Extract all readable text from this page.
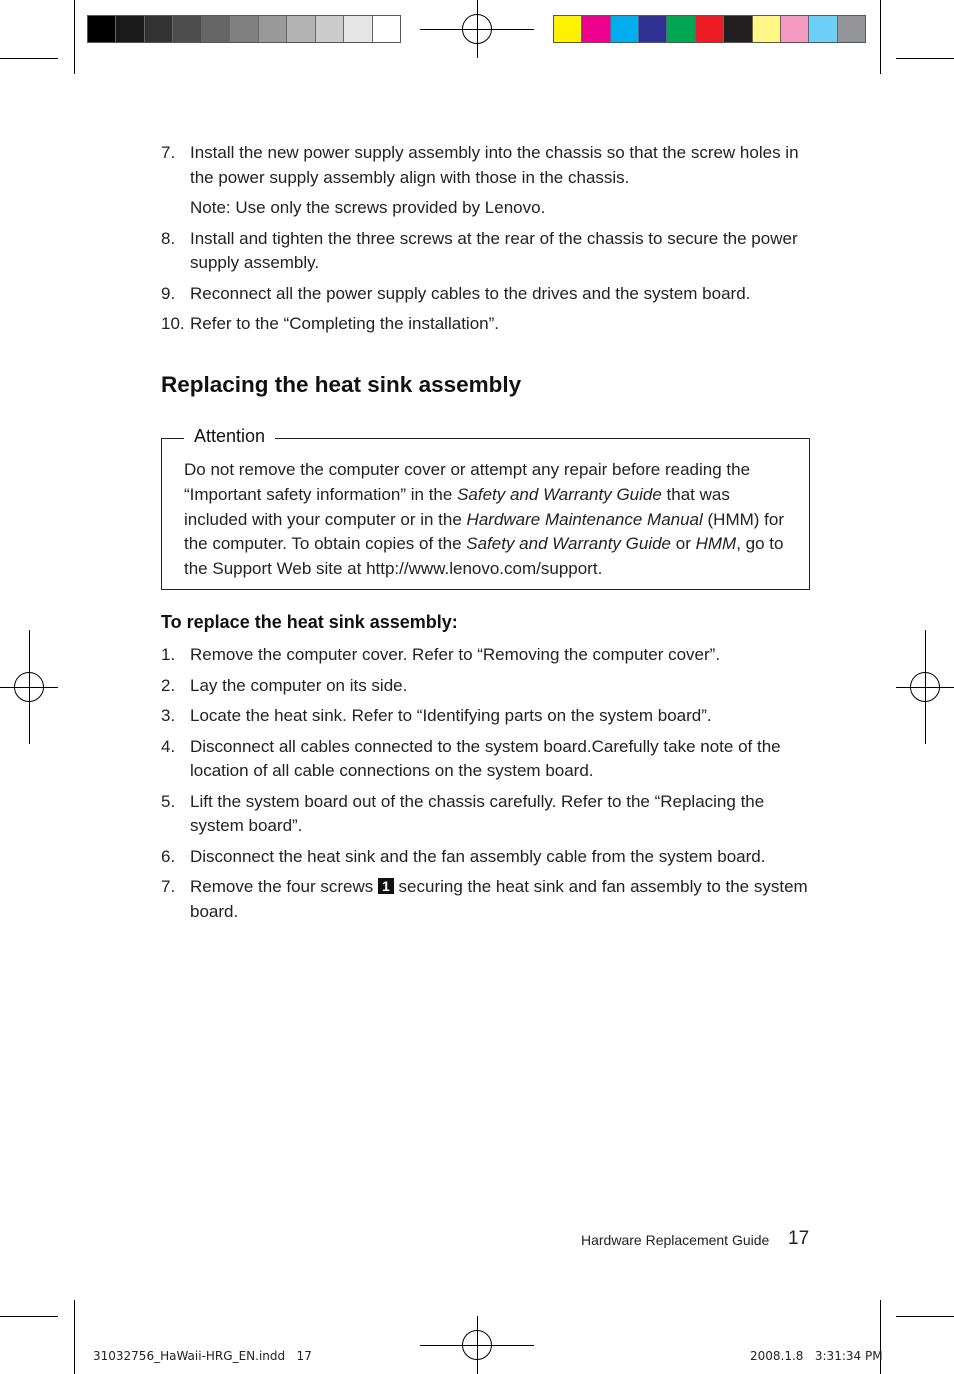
7. Install the new power supply assembly into the chassis so that the screw holes in the power supply assembly align with those in the chassis.

Note: Use only the screws provided by Lenovo.

8. Install and tighten the three screws at the rear of the chassis to secure the power supply assembly.

9. Reconnect all the power supply cables to the drives and the system board.

10. Refer to the “Completing the installation”.

Replacing the heat sink assembly
Attention
Do not remove the computer cover or attempt any repair before reading the “Important safety information” in the Safety and Warranty Guide that was included with your computer or in the Hardware Maintenance Manual (HMM) for the computer. To obtain copies of the Safety and Warranty Guide or HMM, go to the Support Web site at http://www.lenovo.com/support.
To replace the heat sink assembly:

1. Remove the computer cover. Refer to “Removing the computer cover”.

2. Lay the computer on its side.

3. Locate the heat sink. Refer to “Identifying parts on the system board”.

4. Disconnect all cables connected to the system board.Carefully take note of the location of all cable connections on the system board.

5. Lift the system board out of the chassis carefully. Refer to the “Replacing the system board”.

6. Disconnect the heat sink and the fan assembly cable from the system board.

7. Remove the four screws 1 securing the heat sink and fan assembly to the system board.

Hardware Replacement Guide 17
31032756_HaWaii-HRG_EN.indd   17	2008.1.8   3:31:34 PM
